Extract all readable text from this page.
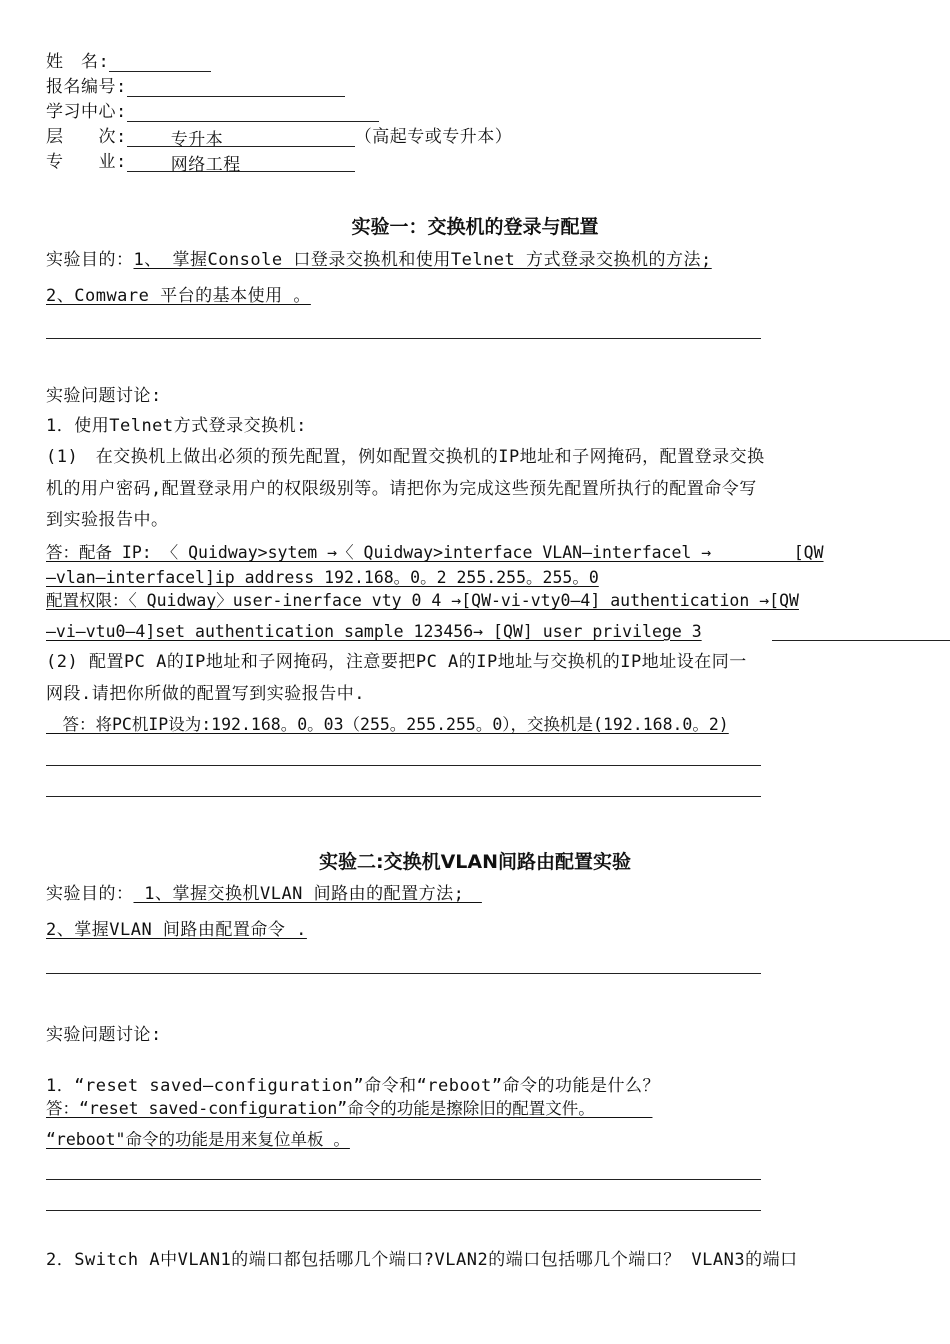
姓　名:
报名编号:
学习中心:
层　　次:	专升本	（高起专或专升本）
专　　业:	网络工程
实验一：交换机的登录与配置
实验目的：1、 掌握Console 口登录交换机和使用Telnet 方式登录交换机的方法;
2、Comware 平台的基本使用 。
实验问题讨论:
1．使用Telnet方式登录交换机:
(1)　在交换机上做出必须的预先配置，例如配置交换机的IP地址和子网掩码，配置登录交换
机的用户密码,配置登录用户的权限级别等。请把你为完成这些预先配置所执行的配置命令写
到实验报告中。
答：配备 IP: 〈 Quidway>sytem →〈 Quidway>interface VLAN—interfacel →　　　　　[QW
—vlan—interfacel]ip address 192.168。0。2 255.255。255。0
配置权限：〈 Quidway〉user-inerface vty 0 4 →[QW-vi-vty0—4] authentication →[QW
—vi—vtu0—4]set authentication sample 123456→ [QW] user privilege 3
(2) 配置PC A的IP地址和子网掩码，注意要把PC A的IP地址与交换机的IP地址设在同一
网段.请把你所做的配置写到实验报告中.
　答：将PC机IP设为:192.168。0。03（255。255.255。0），交换机是(192.168.0。2)
实验二:交换机VLAN间路由配置实验
实验目的： 1、掌握交换机VLAN 间路由的配置方法;　
2、掌握VLAN 间路由配置命令 .
实验问题讨论:
1．“reset saved—configuration”命令和“reboot”命令的功能是什么？
答：“reset saved-configuration”命令的功能是擦除旧的配置文件。　　　　
“reboot"命令的功能是用来复位单板 。
2．Switch A中VLAN1的端口都包括哪几个端口?VLAN2的端口包括哪几个端口？ VLAN3的端口
